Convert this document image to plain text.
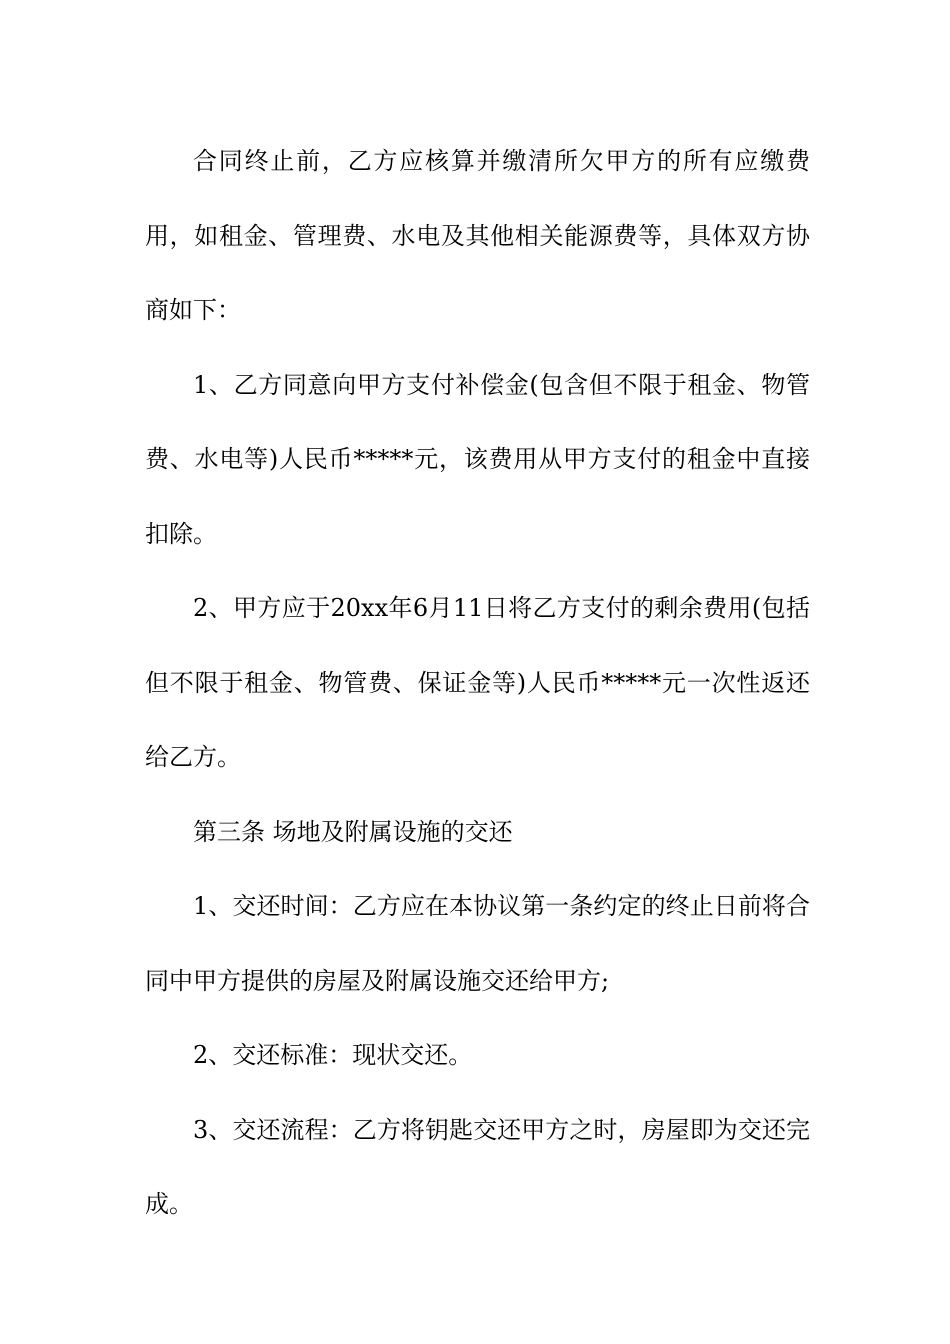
合同终止前，乙方应核算并缴清所欠甲方的所有应缴费用，如租金、管理费、水电及其他相关能源费等，具体双方协商如下：

1、乙方同意向甲方支付补偿金(包含但不限于租金、物管费、水电等)人民币*****元，该费用从甲方支付的租金中直接扣除。

2、甲方应于20xx年6月11日将乙方支付的剩余费用(包括但不限于租金、物管费、保证金等)人民币*****元一次性返还给乙方。

第三条 场地及附属设施的交还

1、交还时间：乙方应在本协议第一条约定的终止日前将合同中甲方提供的房屋及附属设施交还给甲方;

2、交还标准：现状交还。

3、交还流程：乙方将钥匙交还甲方之时，房屋即为交还完成。
